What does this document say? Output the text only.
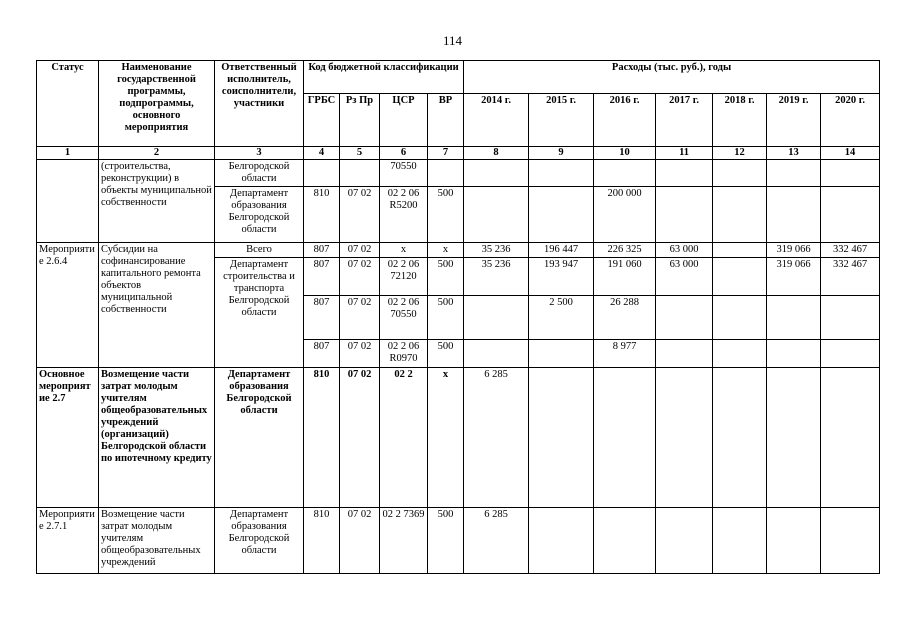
114
Статус	Наименование государственной программы, подпрограммы, основного мероприятия	Ответственный исполнитель, соисполнители, участники	Код бюджетной классификации				Расходы (тыс. руб.), годы						
			ГРБС	Рз Пр	ЦСР	ВР	2014 г.	2015 г.	2016 г.	2017 г.	2018 г.	2019 г.	2020 г.
1	2	3	4	5	6	7	8	9	10	11	12	13	14
	(строительства, реконструкции) в объекты муниципальной собственности	Белгородской области			70550								
		Департамент образования Белгородской области	810	07 02	02 2 06 R5200	500			200 000				
Мероприятие 2.6.4	Субсидии на софинансирование капитального ремонта объектов муниципальной собственности	Всего	807	07 02	x	x	35 236	196 447	226 325	63 000		319 066	332 467
		Департамент строительства и транспорта Белгородской области	807	07 02	02 2 06 72120	500	35 236	193 947	191 060	63 000		319 066	332 467
			807	07 02	02 2 06 70550	500		2 500	26 288				
			807	07 02	02 2 06 R0970	500			8 977				
Основное мероприятие 2.7	Возмещение части затрат молодым учителям общеобразовательных учреждений (организаций) Белгородской области по ипотечному кредиту	Департамент образования Белгородской области	810	07 02	02 2	x	6 285						
Мероприятие 2.7.1	Возмещение части затрат молодым учителям общеобразовательных учреждений	Департамент образования Белгородской области	810	07 02	02 2 7369	500	6 285						
